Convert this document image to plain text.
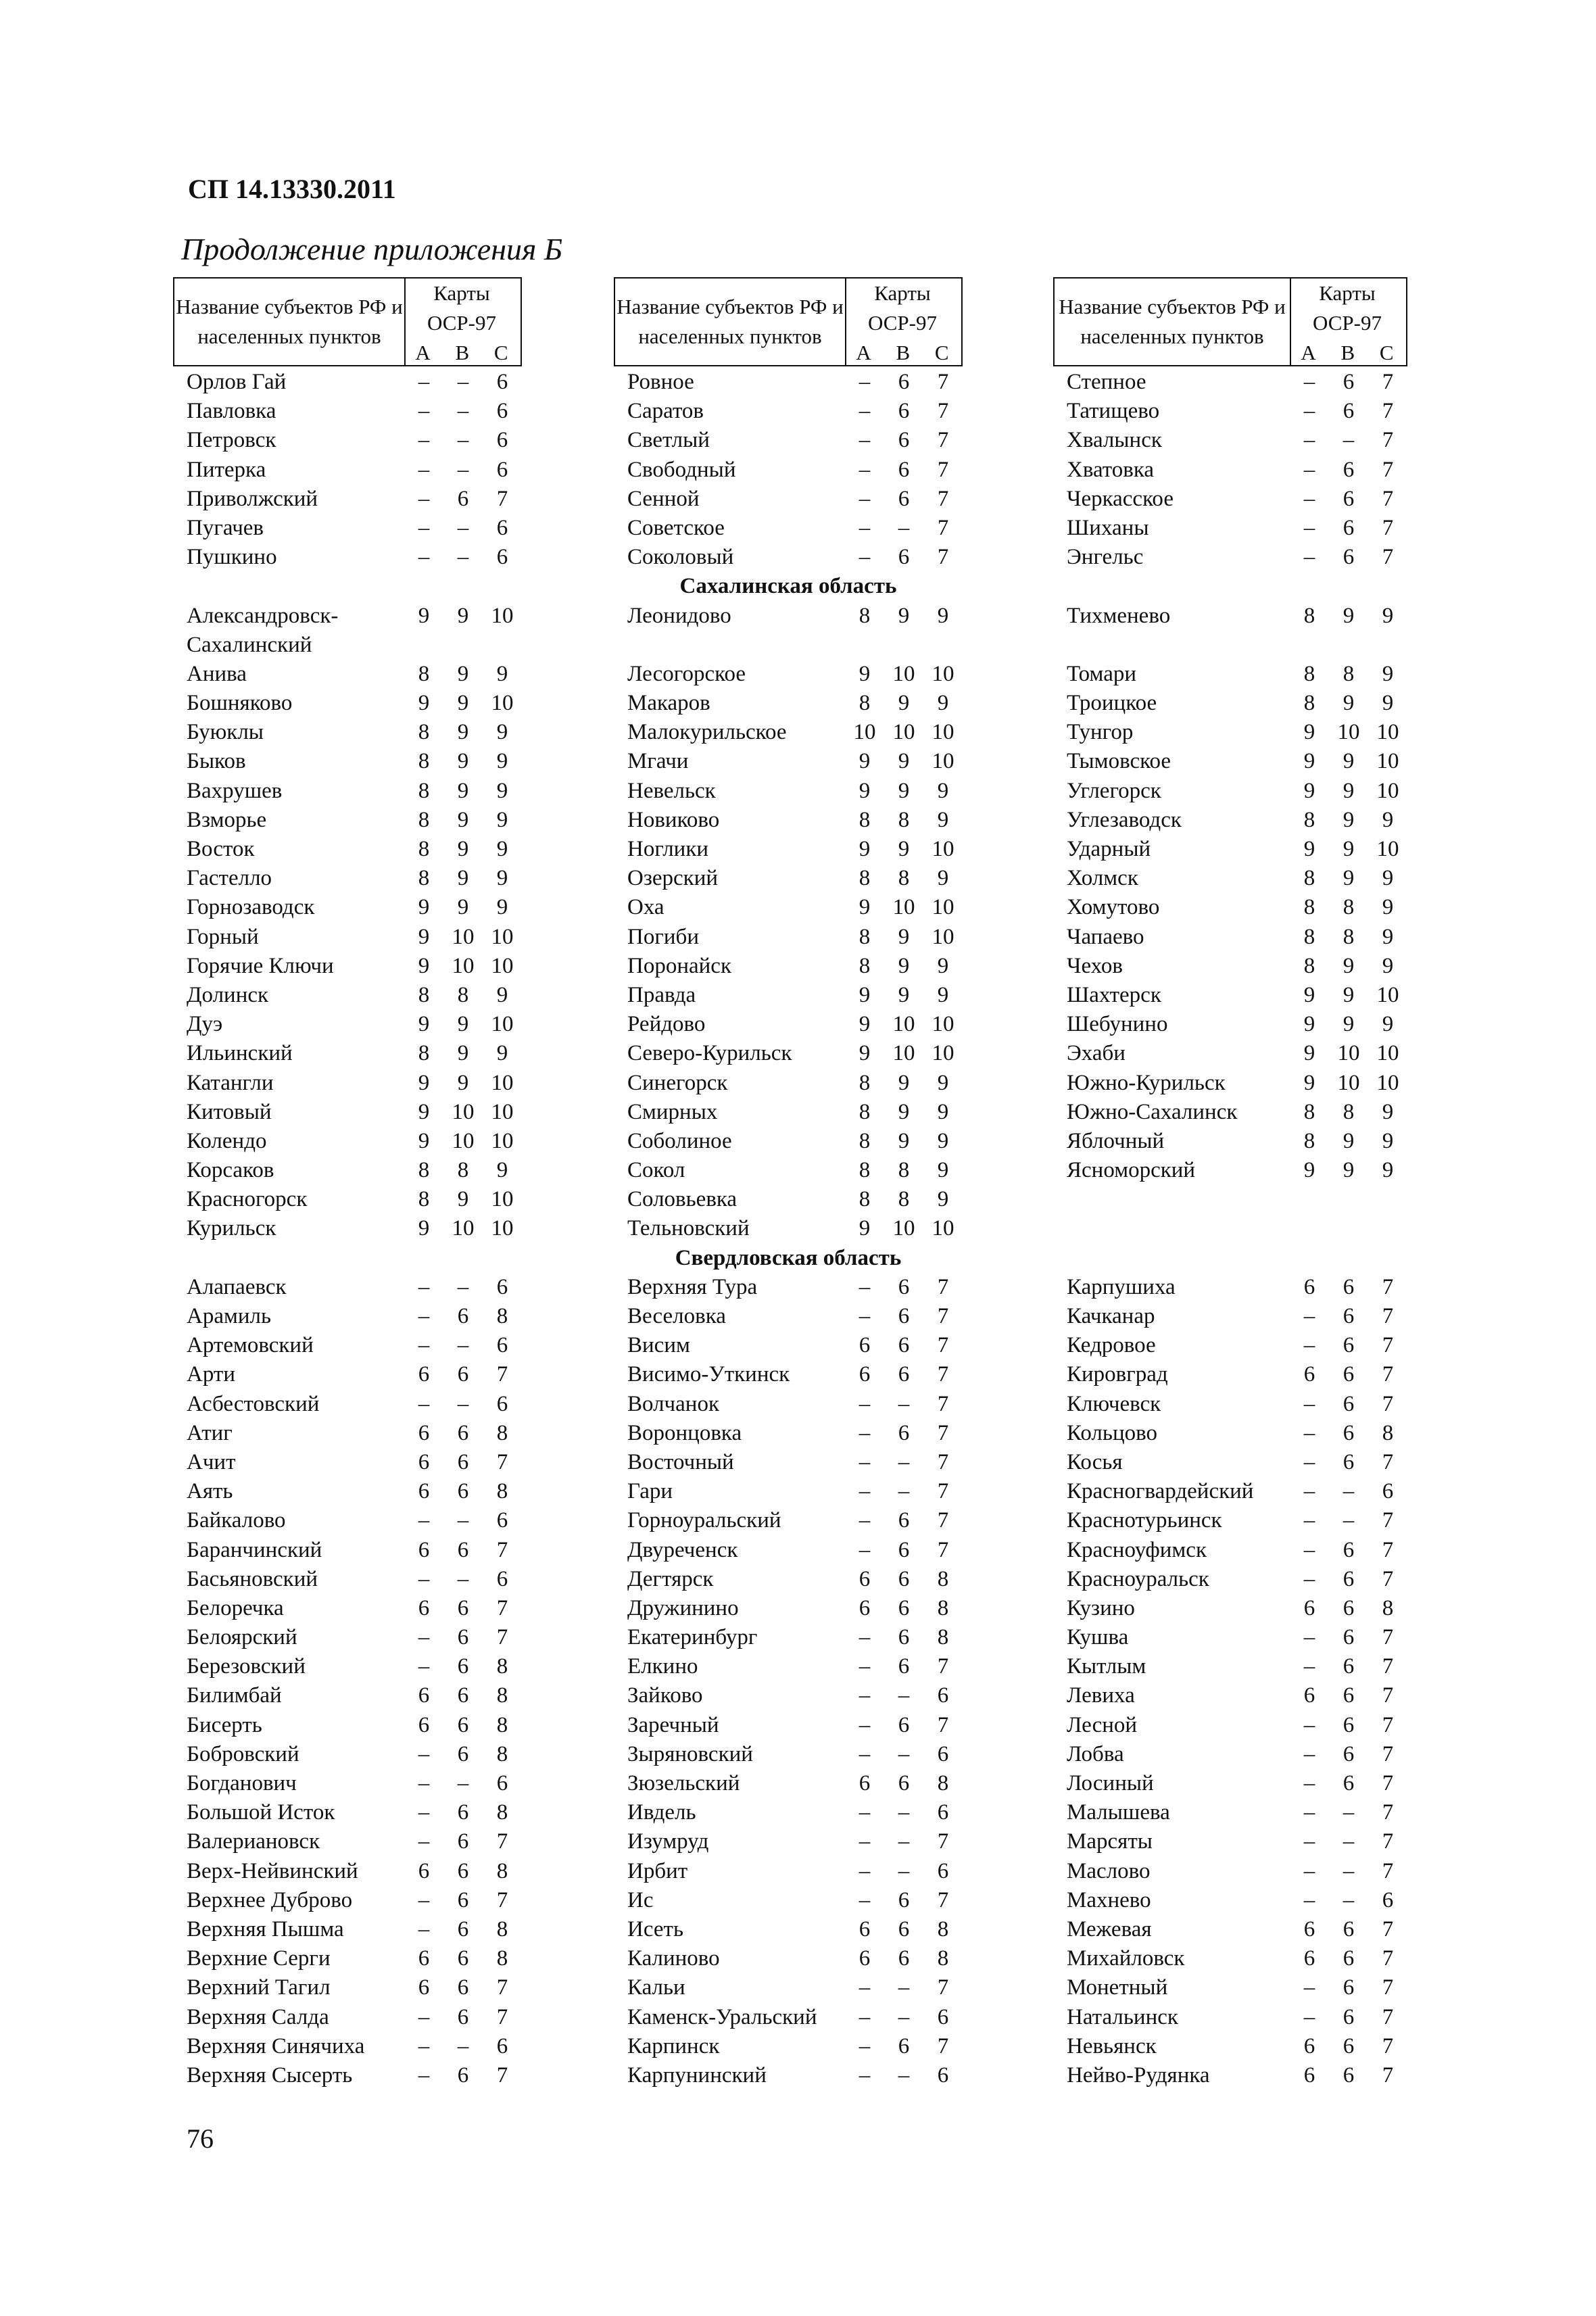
СП 14.13330.2011
Продолжение приложения Б
Название субъектов РФ и населенных пунктов
Карты ОСР-97
А В С
Орлов Гай	–	–	6
Павловка	–	–	6
Петровск	–	–	6
Питерка	–	–	6
Приволжский	–	6	7
Пугачев	–	–	6
Пушкино	–	–	6
Александровск-	9	9	10
Сахалинский
Анива	8	9	9
Бошняково	9	9	10
Буюклы	8	9	9
Быков	8	9	9
Вахрушев	8	9	9
Взморье	8	9	9
Восток	8	9	9
Гастелло	8	9	9
Горнозаводск	9	9	9
Горный	9	10 10
Горячие Ключи	9	10 10
Долинск	8	8	9
Дуэ	9	9	10
Ильинский	8	9	9
Катангли	9	9	10
Китовый	9	10 10
Колендо	9	10 10
Корсаков	8	8	9
Красногорск	8	9	10
Курильск	9	10 10
Алапаевск	–	–	6
Арамиль	–	6	8
Артемовский	–	–	6
Арти	6	6	7
Асбестовский	–	–	6
Атиг	6	6	8
Ачит	6	6	7
Аять	6	6	8
Байкалово	–	–	6
Баранчинский	6	6	7
Басьяновский	–	–	6
Белоречка	6	6	7
Белоярский	–	6	7
Березовский	–	6	8
Билимбай	6	6	8
Бисерть	6	6	8
Бобровский	–	6	8
Богданович	–	–	6
Большой Исток	–	6	8
Валериановск	–	6	7
Верх-Нейвинский	6	6	8
Верхнее Дуброво	–	6	7
Верхняя Пышма	–	6	8
Верхние Серги	6	6	8
Верхний Тагил	6	6	7
Верхняя Салда	–	6	7
Верхняя Синячиха	–	–	6
Верхняя Сысерть	–	6	7
Название субъектов РФ и населенных пунктов
Карты ОСР-97
А В С
Ровное	–	6	7
Саратов	–	6	7
Светлый	–	6	7
Свободный	–	6	7
Сенной	–	6	7
Советское	–	–	7
Соколовый	–	6	7
Сахалинская область
Леонидово	8	9	9
Лесогорское	9	10 10
Макаров	8	9	9
Малокурильское	10 10 10
Мгачи	9	9	10
Невельск	9	9	9
Новиково	8	8	9
Ноглики	9	9	10
Озерский	8	8	9
Оха	9	10 10
Погиби	8	9	10
Поронайск	8	9	9
Правда	9	9	9
Рейдово	9	10 10
Северо-Курильск	9	10 10
Синегорск	8	9	9
Смирных	8	9	9
Соболиное	8	9	9
Сокол	8	8	9
Соловьевка	8	8	9
Тельновский	9	10 10
Свердловская область
Верхняя Тура	–	6	7
Веселовка	–	6	7
Висим	6	6	7
Висимо-Уткинск	6	6	7
Волчанок	–	–	7
Воронцовка	–	6	7
Восточный	–	–	7
Гари	–	–	7
Горноуральский	–	6	7
Двуреченск	–	6	7
Дегтярск	6	6	8
Дружинино	6	6	8
Екатеринбург	–	6	8
Елкино	–	6	7
Зайково	–	–	6
Заречный	–	6	7
Зыряновский	–	–	6
Зюзельский	6	6	8
Ивдель	–	–	6
Изумруд	–	–	7
Ирбит	–	–	6
Ис	–	6	7
Исеть	6	6	8
Калиново	6	6	8
Кальи	–	–	7
Каменск-Уральский	–	–	6
Карпинск	–	6	7
Карпунинский	–	–	6
Название субъектов РФ и населенных пунктов
Карты ОСР-97
А В С
Степное	–	6	7
Татищево	–	6	7
Хвалынск	–	–	7
Хватовка	–	6	7
Черкасское	–	6	7
Шиханы	–	6	7
Энгельс	–	6	7
Тихменево	8	9	9
Томари	8	8	9
Троицкое	8	9	9
Тунгор	9	10 10
Тымовское	9	9	10
Углегорск	9	9	10
Углезаводск	8	9	9
Ударный	9	9	10
Холмск	8	9	9
Хомутово	8	8	9
Чапаево	8	8	9
Чехов	8	9	9
Шахтерск	9	9	10
Шебунино	9	9	9
Эхаби	9	10 10
Южно-Курильск	9	10 10
Южно-Сахалинск	8	8	9
Яблочный	8	9	9
Ясноморский	9	9	9
Карпушиха	6	6	7
Качканар	–	6	7
Кедровое	–	6	7
Кировград	6	6	7
Ключевск	–	6	7
Кольцово	–	6	8
Косья	–	6	7
Красногвардейский	–	–	6
Краснотурьинск	–	–	7
Красноуфимск	–	6	7
Красноуральск	–	6	7
Кузино	6	6	8
Кушва	–	6	7
Кытлым	–	6	7
Левиха	6	6	7
Лесной	–	6	7
Лобва	–	6	7
Лосиный	–	6	7
Малышева	–	–	7
Марсяты	–	–	7
Маслово	–	–	7
Махнево	–	–	6
Межевая	6	6	7
Михайловск	6	6	7
Монетный	–	6	7
Натальинск	–	6	7
Невьянск	6	6	7
Нейво-Рудянка	6	6	7
76
